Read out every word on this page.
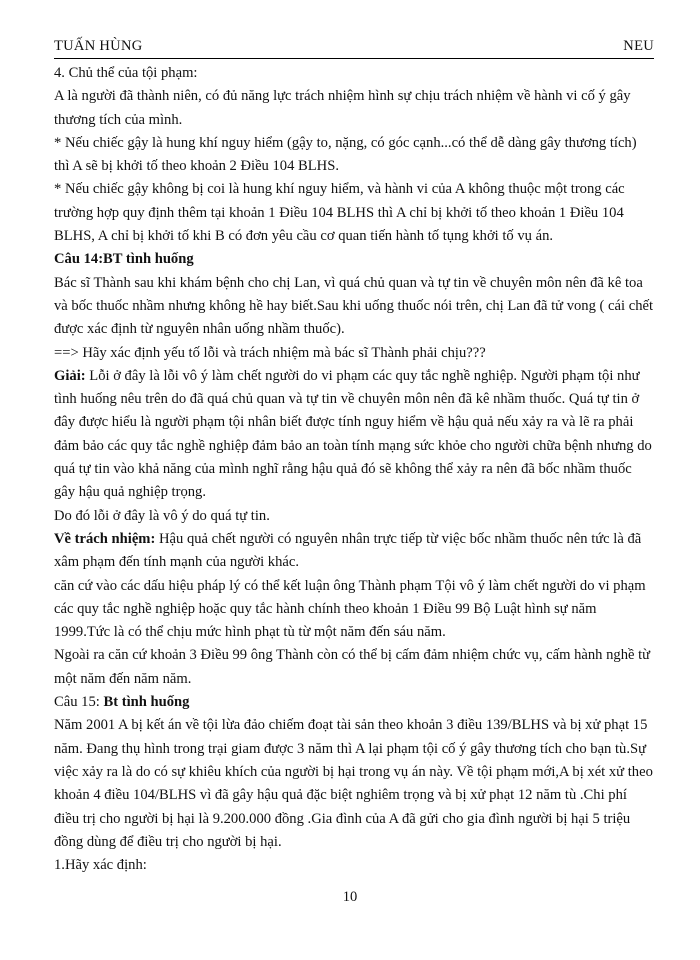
TUẤN HÙNG	NEU

4. Chủ thể của tội phạm:

A là người đã thành niên, có đủ năng lực trách nhiệm hình sự chịu trách nhiệm về hành vi cố ý gây thương tích của mình.

* Nếu chiếc gậy là hung khí nguy hiểm (gậy to, nặng, có góc cạnh...có thể dễ dàng gây thương tích) thì A sẽ bị khởi tố theo khoản 2 Điều 104 BLHS.

* Nếu chiếc gậy không bị coi là hung khí nguy hiểm, và hành vi của A không thuộc một trong các trường hợp quy định thêm tại khoản 1 Điều 104 BLHS thì A chỉ bị khởi tố theo khoản 1 Điều 104 BLHS, A chỉ bị khởi tố khi B có đơn yêu cầu cơ quan tiến hành tố tụng khởi tố vụ án.

Câu 14:BT tình huống

Bác sĩ Thành sau khi khám bệnh cho chị Lan, vì quá chủ quan và tự tin về chuyên môn nên đã kê toa và bốc thuốc nhầm nhưng không hề hay biết.Sau khi uống thuốc nói trên, chị Lan đã tử vong ( cái chết được xác định từ nguyên nhân uống nhầm thuốc).

==> Hãy xác định yếu tố lỗi và trách nhiệm mà bác sĩ Thành phải chịu???

Giải: Lỗi ở đây là lỗi vô ý làm chết người do vi phạm các quy tắc nghề nghiệp. Người phạm tội như tình huống nêu trên do đã quá chủ quan và tự tin về chuyên môn nên đã kê nhầm thuốc. Quá tự tin ở đây được hiểu là người phạm tội nhân biết được tính nguy hiểm về hậu quả nếu xảy ra và lẽ ra phải đảm bảo các quy tắc nghề nghiệp đảm bảo an toàn tính mạng sức khỏe cho người chữa bệnh nhưng do quá tự tin vào khả năng của mình nghĩ rằng hậu quả đó sẽ không thể xảy ra nên đã bốc nhầm thuốc gây hậu quả nghiệp trọng.

Do đó lỗi ở đây là vô ý do quá tự tin.

Về trách nhiệm: Hậu quả chết người có nguyên nhân trực tiếp từ việc bốc nhầm thuốc nên tức là đã xâm phạm đến tính mạnh của người khác.

căn cứ vào các dấu hiệu pháp lý có thể kết luận ông Thành phạm Tội vô ý làm chết người do vi phạm các quy tắc nghề nghiệp hoặc quy tắc hành chính theo khoản 1 Điều 99 Bộ Luật hình sự năm 1999.Tức là có thể chịu mức hình phạt tù từ một năm đến sáu năm.

Ngoài ra căn cứ khoản 3 Điều 99 ông Thành còn có thể bị cấm đảm nhiệm chức vụ, cấm hành nghề từ một năm đến năm năm.

Câu 15: Bt tình huống

Năm 2001 A bị kết án về tội lừa đảo chiếm đoạt tài sản theo khoản 3 điều 139/BLHS và bị xử phạt 15 năm. Đang thụ hình trong trại giam được 3 năm thì A lại phạm tội cố ý gây thương tích cho bạn tù.Sự việc xảy ra là do có sự khiêu khích của người bị hại trong vụ án này. Về tội phạm mới,A bị xét xử theo khoản 4 điều 104/BLHS vì đã gây hậu quả đặc biệt nghiêm trọng và bị xử phạt 12 năm tù .Chi phí điều trị cho người bị hại là 9.200.000 đồng .Gia đình của A đã gửi cho gia đình người bị hại 5 triệu đồng dùng để điều trị cho người bị hại.

1.Hãy xác định:

10
